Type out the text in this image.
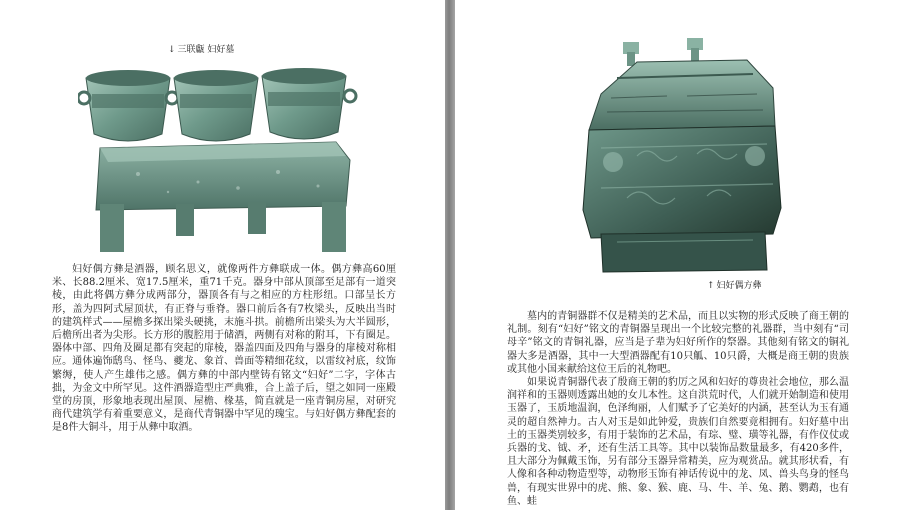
↓ 三联甗 妇好墓

妇好偶方彝是酒器，顾名思义，就像两件方彝联成一体。偶方彝高60厘米、长88.2厘米、宽17.5厘米，重71千克。器身中部从顶部至足部有一道突棱，由此将偶方彝分成两部分，器顶各有与之相应的方柱形纽。口部呈长方形，盖为四阿式屋顶状，有正脊与垂脊。器口前后各有7枚梁头，反映出当时的建筑样式——屋檐多探出梁头硬挑，末施斗拱。前檐所出梁头为大半圆形，后檐所出者为尖形。长方形的腹腔用于储酒，两侧有对称的附耳，下有圈足。器体中部、四角及圈足都有突起的扉棱，器盖四面及四角与器身的扉棱对称相应。通体遍饰鸱鸟、怪鸟、夔龙、象首、兽面等精细花纹，以雷纹衬底，纹饰繁缛，使人产生雄伟之感。偶方彝的中部内壁铸有铭文“妇好”二字，字体古拙，为金文中所罕见。这件酒器造型庄严典雅，合上盖子后，望之如同一座殿堂的房顶，形象地表现出屋顶、屋檐、椽基，简直就是一座青铜房屋，对研究商代建筑学有着重要意义，是商代青铜器中罕见的瑰宝。与妇好偶方彝配套的是8件大铜斗，用于从彝中取酒。

↑ 妇好偶方彝

墓内的青铜器群不仅是精美的艺术品，而且以实物的形式反映了商王朝的礼制。刻有“妇好”铭文的青铜器呈现出一个比较完整的礼器群，当中刻有“司母辛”铭文的青铜礼器，应当是子辈为妇好所作的祭器。其他刻有铭文的铜礼器大多是酒器，其中一大型酒器配有10只觚、10只爵，大概是商王朝的贵族或其他小国来献给这位王后的礼物吧。

如果说青铜器代表了殷商王朝的豹厉之风和妇好的尊贵社会地位，那么温润祥和的玉器则透露出她的女儿本性。这自洪荒时代，人们就开始制造和使用玉器了，玉质地温润，色泽绚丽，人们赋予了它美好的内涵，甚至认为玉有通灵的超自然神力。古人对玉是如此钟爱，贵族们自然要竟相拥有。妇好墓中出土的玉器类别较多，有用于装饰的艺术品，有琮、璧、璜等礼器，有作仪仗或兵器的戈、钺、矛，还有生活工具等。其中以装饰品数量最多，有420多件，且大部分为佩戴玉饰，另有部分玉器异常精美，应为观赏品。就其形状看，有人像和各种动物造型等，动物形玉饰有神话传说中的龙、凤、兽头鸟身的怪鸟兽，有现实世界中的虎、熊、象、猴、鹿、马、牛、羊、兔、鹅、鹦鹉，也有鱼、蛙
